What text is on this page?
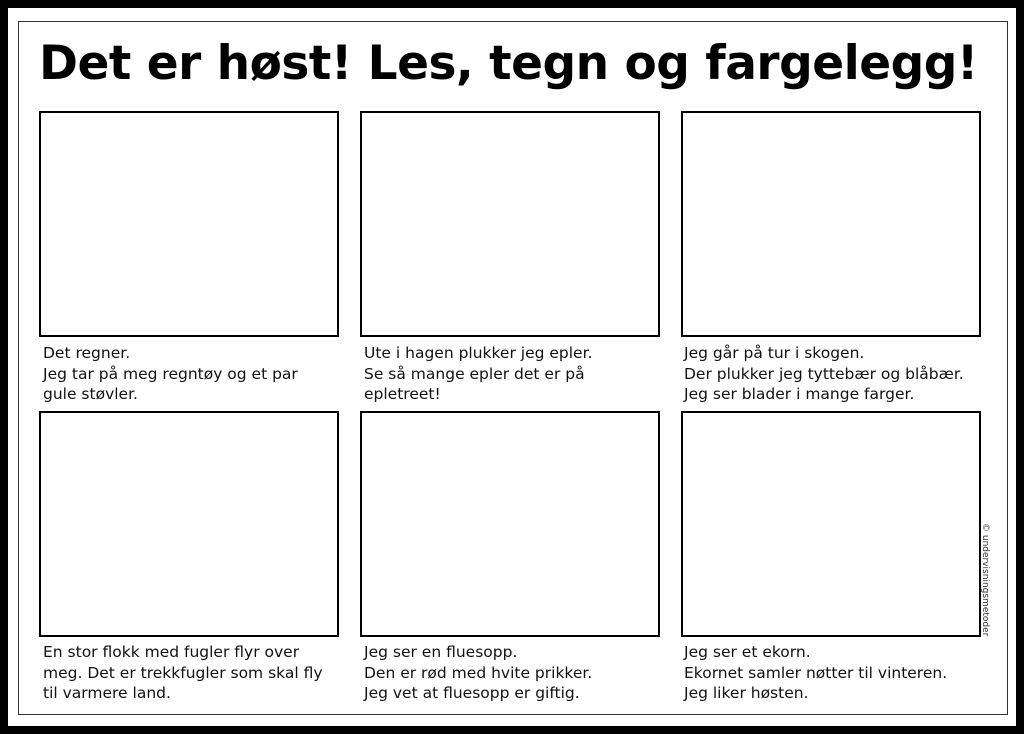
Det er høst! Les, tegn og fargelegg!
Det regner.
Jeg tar på meg regntøy og et par
gule støvler.
Ute i hagen plukker jeg epler.
Se så mange epler det er på
epletreet!
Jeg går på tur i skogen.
Der plukker jeg tyttebær og blåbær.
Jeg ser blader i mange farger.
En stor flokk med fugler flyr over
meg. Det er trekkfugler som skal fly
til varmere land.
Jeg ser en fluesopp.
Den er rød med hvite prikker.
Jeg vet at fluesopp er giftig.
Jeg ser et ekorn.
Ekornet samler nøtter til vinteren.
Jeg liker høsten.
© undervisningsmetoder
